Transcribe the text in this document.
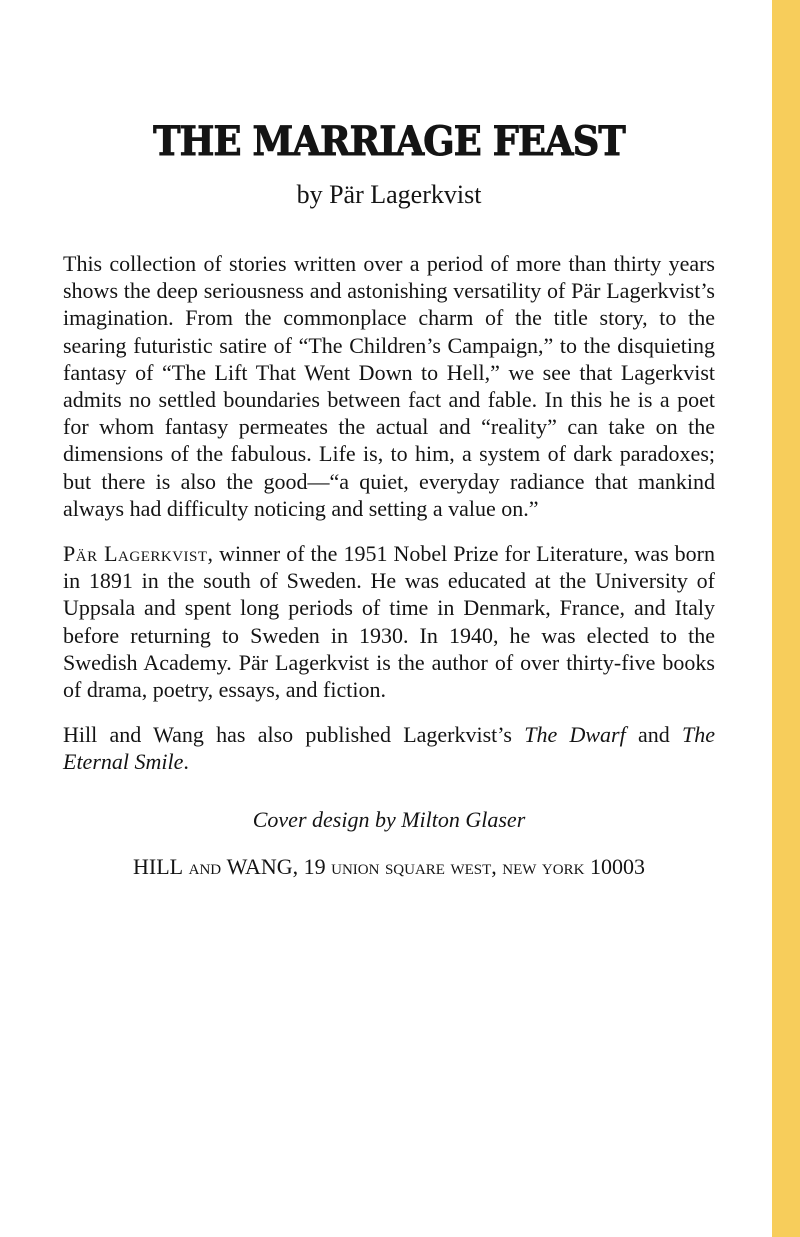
THE MARRIAGE FEAST

by Pär Lagerkvist

This collection of stories written over a period of more than thirty years shows the deep seriousness and astonishing versatility of Pär Lagerkvist’s imagination. From the commonplace charm of the title story, to the searing futuristic satire of “The Children’s Campaign,” to the disquieting fantasy of “The Lift That Went Down to Hell,” we see that Lagerkvist admits no settled boundaries between fact and fable. In this he is a poet for whom fantasy permeates the actual and “reality” can take on the dimensions of the fabulous. Life is, to him, a system of dark paradoxes; but there is also the good—“a quiet, everyday radiance that mankind always had difficulty noticing and setting a value on.”

Pär Lagerkvist, winner of the 1951 Nobel Prize for Literature, was born in 1891 in the south of Sweden. He was educated at the University of Uppsala and spent long periods of time in Denmark, France, and Italy before returning to Sweden in 1930. In 1940, he was elected to the Swedish Academy. Pär Lagerkvist is the author of over thirty-five books of drama, poetry, essays, and fiction.

Hill and Wang has also published Lagerkvist’s The Dwarf and The Eternal Smile.

Cover design by Milton Glaser

HILL and WANG, 19 union square west, new york 10003
